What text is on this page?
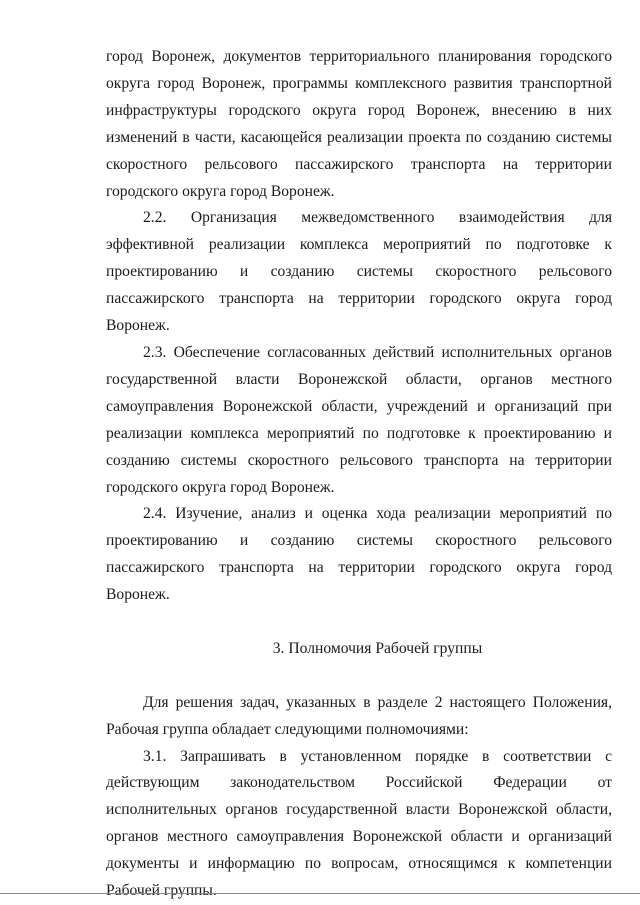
город Воронеж, документов территориального планирования городского округа город Воронеж, программы комплексного развития транспортной инфраструктуры городского округа город Воронеж, внесению в них изменений в части, касающейся реализации проекта по созданию системы скоростного рельсового пассажирского транспорта на территории городского округа город Воронеж.

2.2. Организация межведомственного взаимодействия для эффективной реализации комплекса мероприятий по подготовке к проектированию и созданию системы скоростного рельсового пассажирского транспорта на территории городского округа город Воронеж.

2.3. Обеспечение согласованных действий исполнительных органов государственной власти Воронежской области, органов местного самоуправления Воронежской области, учреждений и организаций при реализации комплекса мероприятий по подготовке к проектированию и созданию системы скоростного рельсового транспорта на территории городского округа город Воронеж.

2.4. Изучение, анализ и оценка хода реализации мероприятий по проектированию и созданию системы скоростного рельсового пассажирского транспорта на территории городского округа город Воронеж.

3. Полномочия Рабочей группы

Для решения задач, указанных в разделе 2 настоящего Положения, Рабочая группа обладает следующими полномочиями:

3.1. Запрашивать в установленном порядке в соответствии с действующим законодательством Российской Федерации от исполнительных органов государственной власти Воронежской области, органов местного самоуправления Воронежской области и организаций документы и информацию по вопросам, относящимся к компетенции Рабочей группы.
